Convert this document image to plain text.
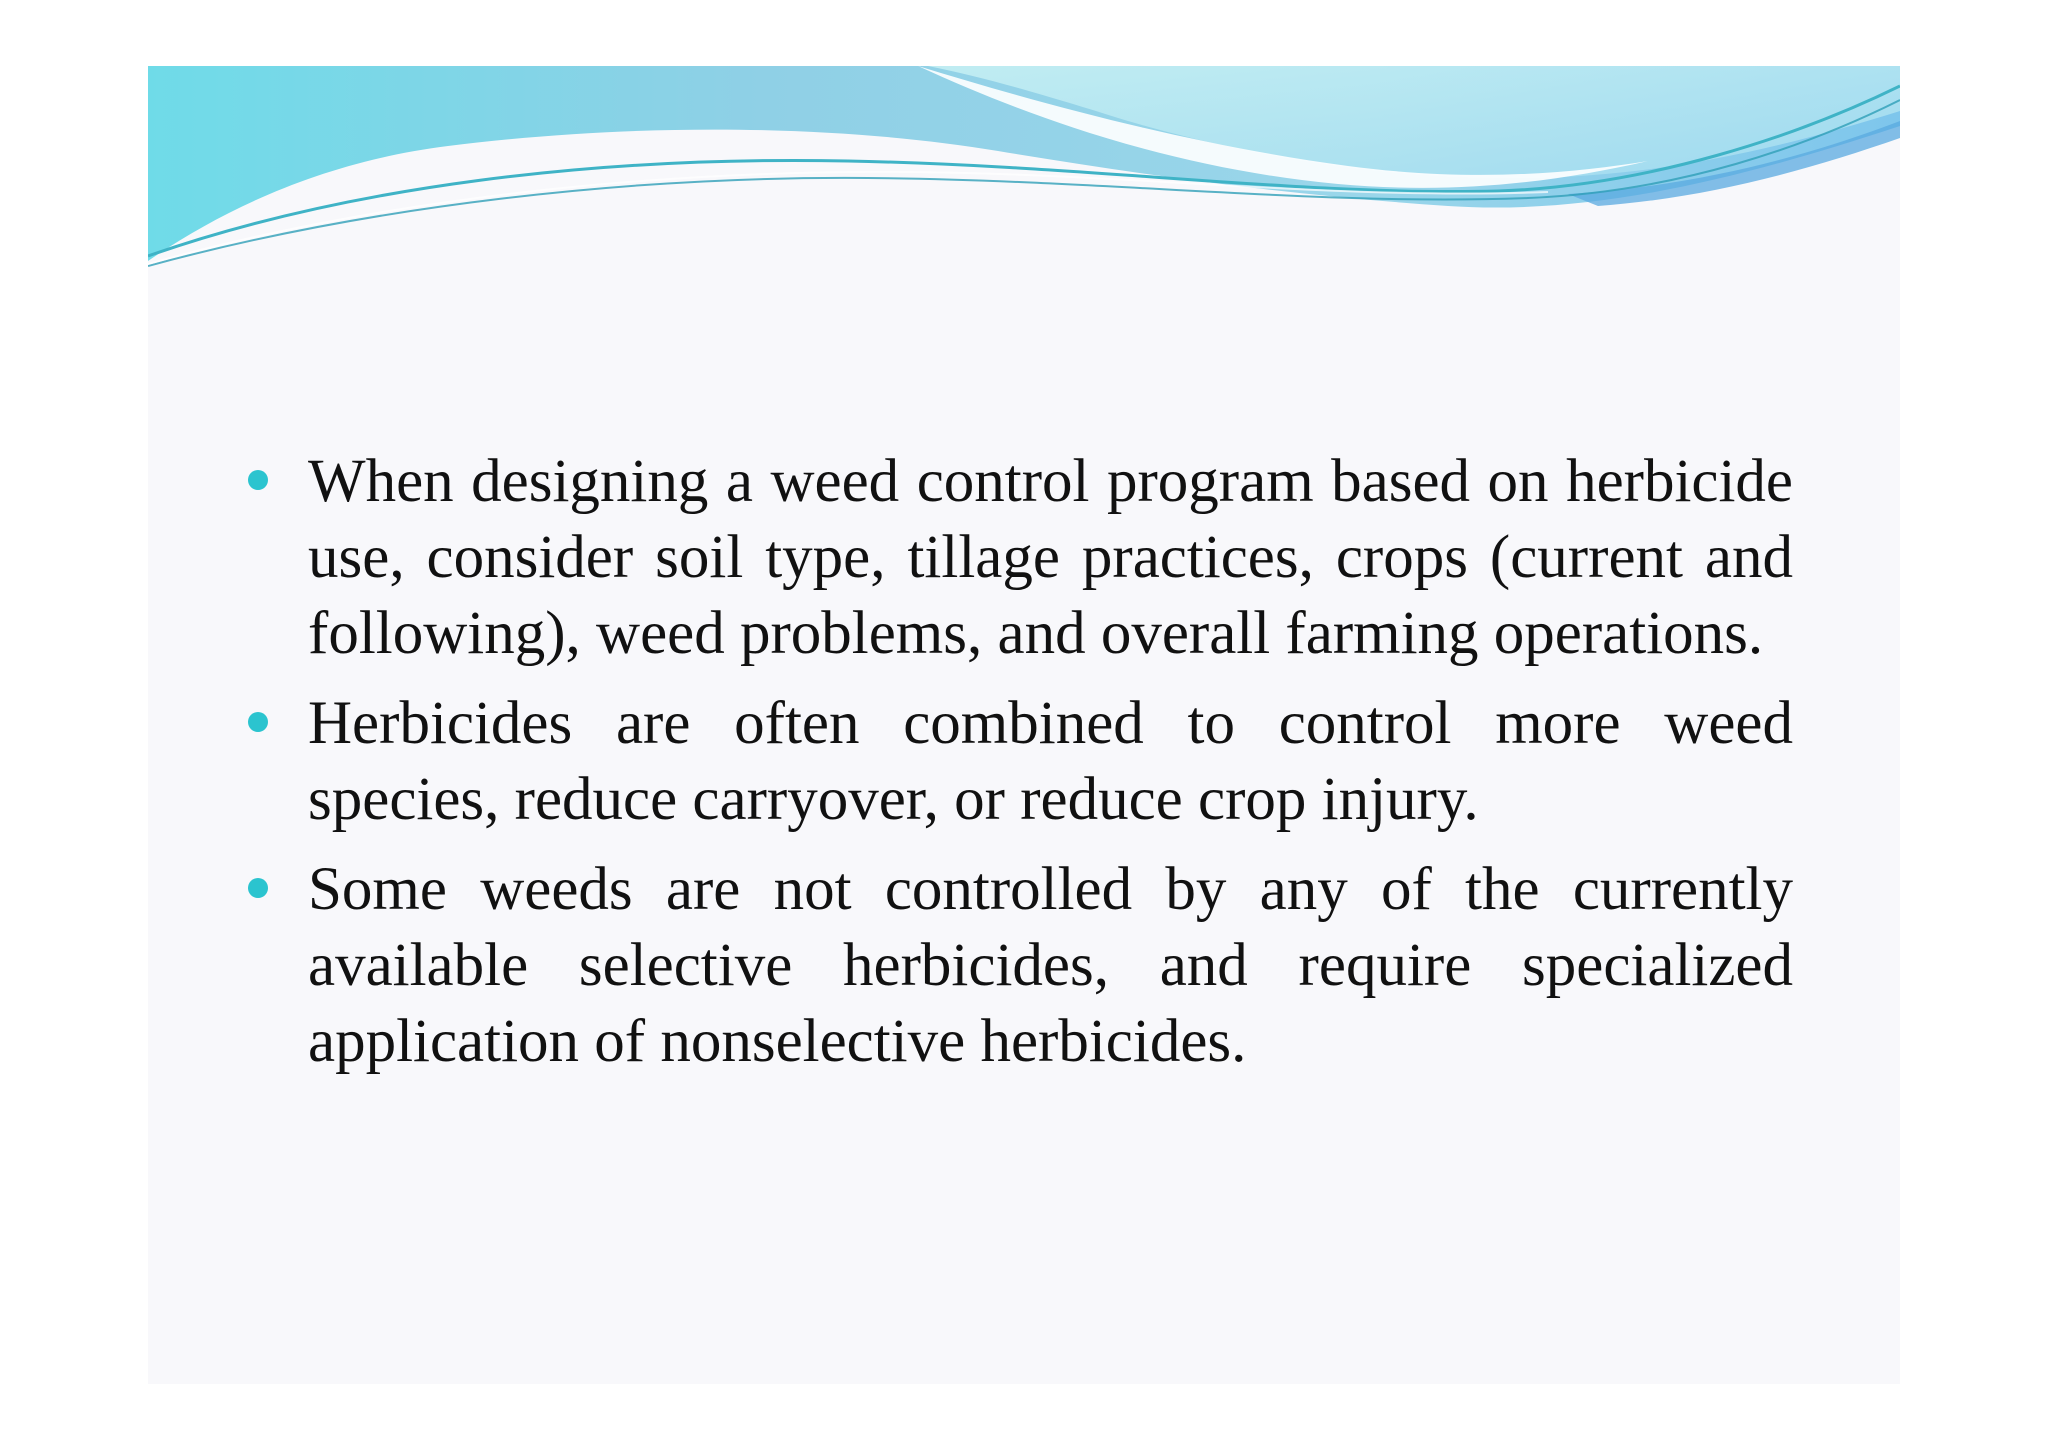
When designing a weed control program based on herbicide use, consider soil type, tillage practices, crops (current and following), weed problems, and overall farming operations.
Herbicides are often combined to control more weed species, reduce carryover, or reduce crop injury.
Some weeds are not controlled by any of the currently available selective herbicides, and require specialized application of nonselective herbicides.
